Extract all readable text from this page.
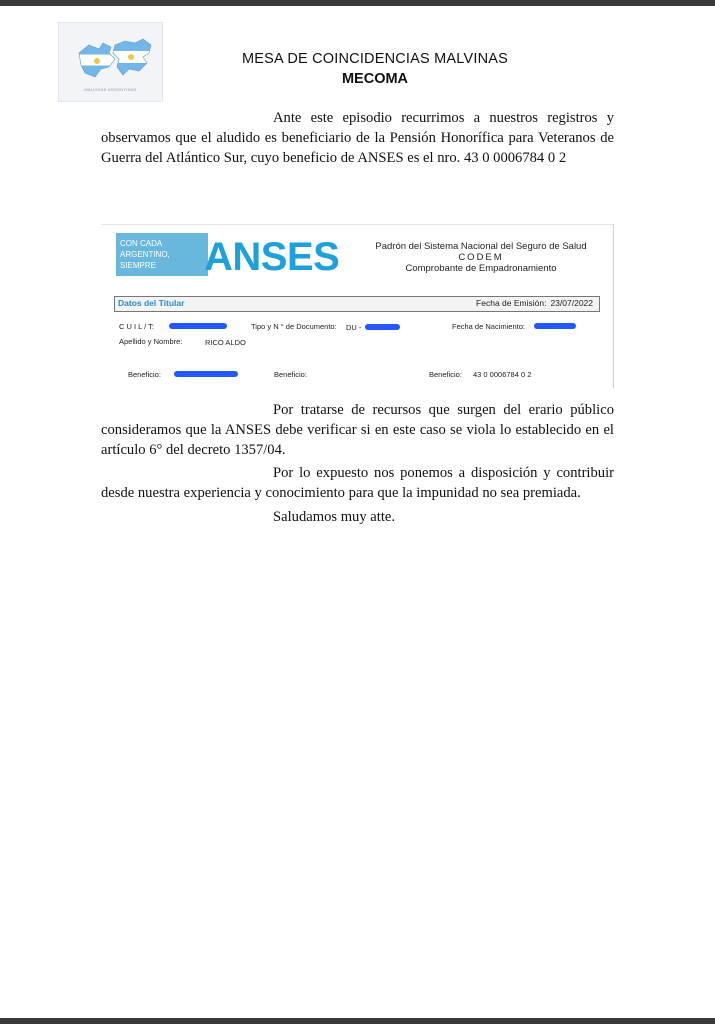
MALVINAS ARGENTINAS
MESA DE COINCIDENCIAS MALVINAS
MECOMA
Ante este episodio recurrimos a nuestros registros y observamos que el aludido es beneficiario de la Pensión Honorífica para Veteranos de Guerra del Atlántico Sur, cuyo beneficio de ANSES es el nro. 43 0 0006784 0 2
CON CADA
ARGENTINO,
SIEMPRE ANSES	Padrón del Sistema Nacional del Seguro de Salud
CODEM
Comprobante de Empadronamiento
Datos del Titular	Fecha de Emisión: 23/07/2022
C U I L / T:	Tipo y N ° de Documento: DU -	Fecha de Nacimiento:
Apellido y Nombre:	RICO ALDO
Beneficio:	Beneficio:	Beneficio: 43 0 0006784 0 2
Por tratarse de recursos que surgen del erario público consideramos que la ANSES debe verificar si en este caso se viola lo establecido en el artículo 6° del decreto 1357/04.
Por lo expuesto nos ponemos a disposición y contribuir desde nuestra experiencia y conocimiento para que la impunidad no sea premiada.
Saludamos muy atte.
